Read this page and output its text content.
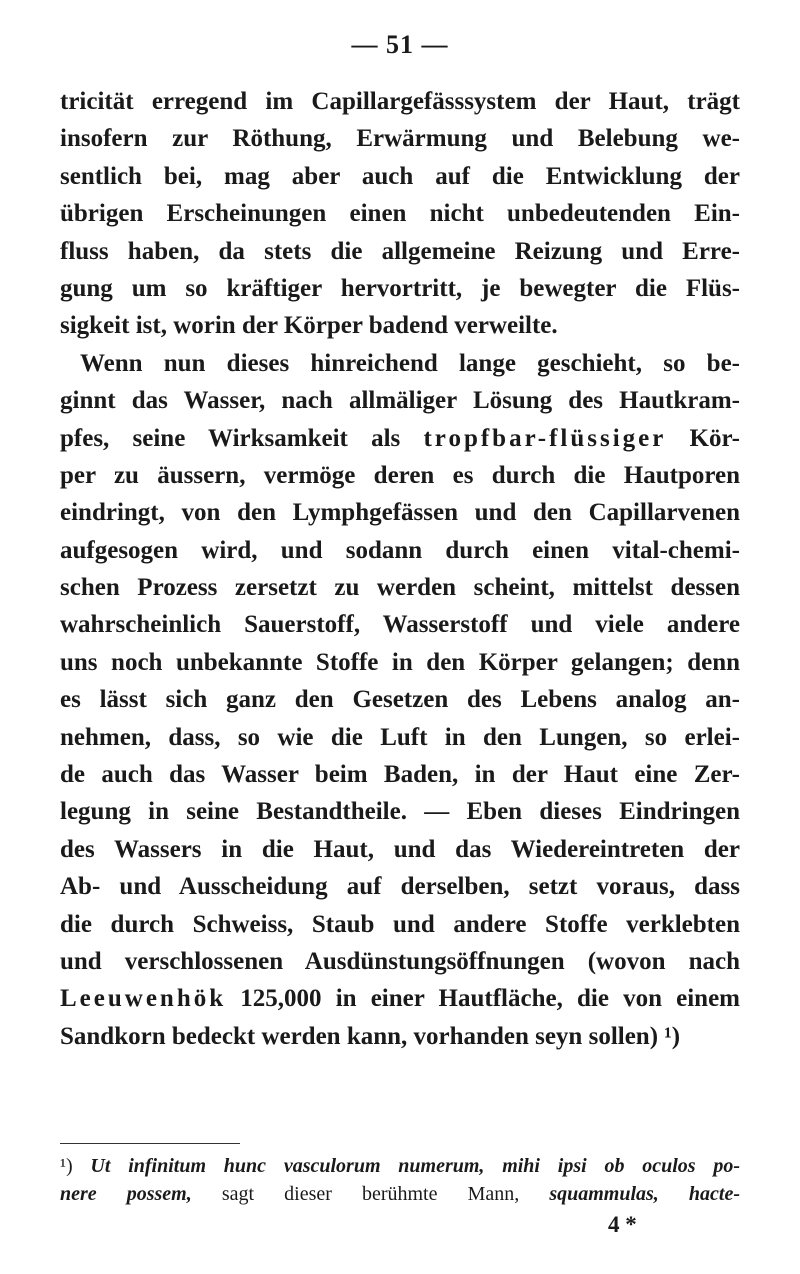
— 51 —
tricität erregend im Capillargefässsystem der Haut, trägt
insofern zur Röthung, Erwärmung und Belebung we-
sentlich bei, mag aber auch auf die Entwicklung der
übrigen Erscheinungen einen nicht unbedeutenden Ein-
fluss haben, da stets die allgemeine Reizung und Erre-
gung um so kräftiger hervortritt, je bewegter die Flüs-
sigkeit ist, worin der Körper badend verweilte.
Wenn nun dieses hinreichend lange geschieht, so be-
ginnt das Wasser, nach allmäliger Lösung des Hautkram-
pfes, seine Wirksamkeit als tropfbar-flüssiger Kör-
per zu äussern, vermöge deren es durch die Hautporen
eindringt, von den Lymphgefässen und den Capillarvenen
aufgesogen wird, und sodann durch einen vital-chemi-
schen Prozess zersetzt zu werden scheint, mittelst dessen
wahrscheinlich Sauerstoff, Wasserstoff und viele andere
uns noch unbekannte Stoffe in den Körper gelangen; denn
es lässt sich ganz den Gesetzen des Lebens analog an-
nehmen, dass, so wie die Luft in den Lungen, so erlei-
de auch das Wasser beim Baden, in der Haut eine Zer-
legung in seine Bestandtheile. — Eben dieses Eindringen
des Wassers in die Haut, und das Wiedereintreten der
Ab- und Ausscheidung auf derselben, setzt voraus, dass
die durch Schweiss, Staub und andere Stoffe verklebten
und verschlossenen Ausdünstungsöffnungen (wovon nach
Leeuwenhök 125,000 in einer Hautfläche, die von einem
Sandkorn bedeckt werden kann, vorhanden seyn sollen) ¹)
¹) Ut infinitum hunc vasculorum numerum, mihi ipsi ob oculos po-
nere possem, sagt dieser berühmte Mann, squammulas, hacte-
4 *
